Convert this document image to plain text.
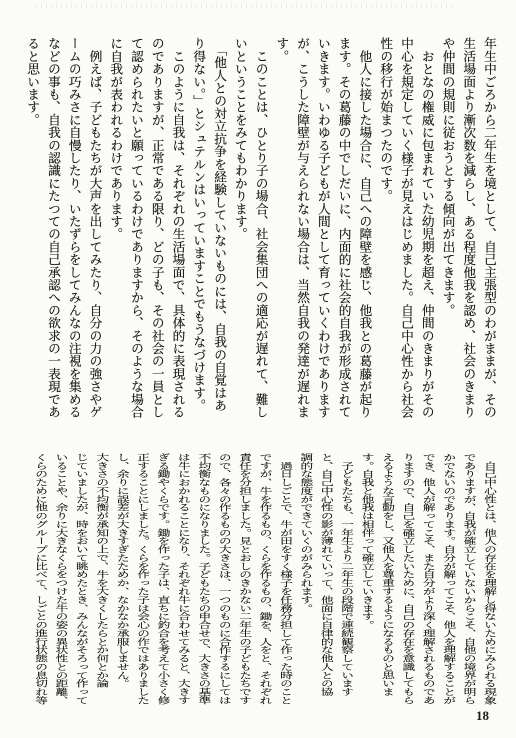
年生中ごろから二年生を境として、自己主張型のわがままが、その
生活場面より漸次数を減らし、ある程度他我を認め、社会のきまり
や仲間の規則に従おうとする傾向が出てきます。
　おとなの権威に包まれていた幼児期を超え、仲間のきまりがその
中心を規定していく様子が見えはじめました。自己中心性から社会
性の移行が始まつたのです。
　他人に接した場合に、自己への障壁を感じ、他我との葛藤が起り
ます。その葛藤の中でしだいに、内面的に社会的自我が形成されて
いきます。いわゆる子どもが人間として育っていくわけであります
が、こうした障壁が与えられない場合は、当然自我の発達が遅れま
す。
　このことは、ひとり子の場合、社会集団への適応が遅れて、難し
いということをみてもわかります。
　「他人との対立抗争を経験していないものには、自我の自覚はあ
り得ない。」とシュテルンはいっていますことでもうなづけます。
　このように自我は、それぞれの生活場面で、具体的に表現される
のでありますが、正常である限り、どの子も、その社会の一員とし
て認められたいと願っているわけでありますから、そのような場合
に自我が表われるわけであります。
　例えば、子どもたちが大声を出してみたり、自分の力の強さやゲ
ームの巧みさに自慢したり、いたずらをしてみんなの注視を集める
などの事も、自我の認識にたつての自己承認への欲求の一表現であ
ると思います。
　自己中心性とは、他人の存在を理解し得ないためにみられる現象
でありますが、自我が確立していないからこそ、自他の境界が明ら
かでないのであります。自分が解ってこそ、他人を理解することが
でき、他人が解ってこそ、また自分がより深く理解されるものであ
りますので、自己を確立したいために、自己の存在を意識してもら
えるような言動をし、又他人を尊重するようになるものと思いま
す。自我と他我は相伴って確立していきます。
　子どもたちも、一年生より二年生の段階で連続観察しています
と、自己中心性の影が薄れていって、他面に自律的な他人との協
調的な態度ができていくのがみられます。
　過日しごとで、牛が田をすく様子を任務分担して作った時のこと
ですが、牛を作るもの、くらを作るもの、鋤を、人をと、それぞれ
責任を分担しました。見とおしのきかない二年生の子どもたちです
ので、各々の作るものの大きさは、一つのものに合作するにしては
不均衡なものになりました。子どもたちの申合せで、大きさの基準
は牛におかれることになり、それぞれ牛に合わせてみると、大きす
ぎる鋤やくらです。鋤を作った子は、直ちに釣合を考えて小さく修
正することにしました。くらを作った子は会心の作ではありました
し、余りに誤差が大きすぎたためか、なかなか承服しません。
大きさの不均衡が承知の上で、牛を大きくしたらとか何とか論
じていましたが、時をおいて眺めたとき、みんながそろって作って
いることや、余りに大きなくらをつけた牛の姿の異状性との距離、
くらのために他のグループに比べて、しごとの進行状態の息切れ等
18
